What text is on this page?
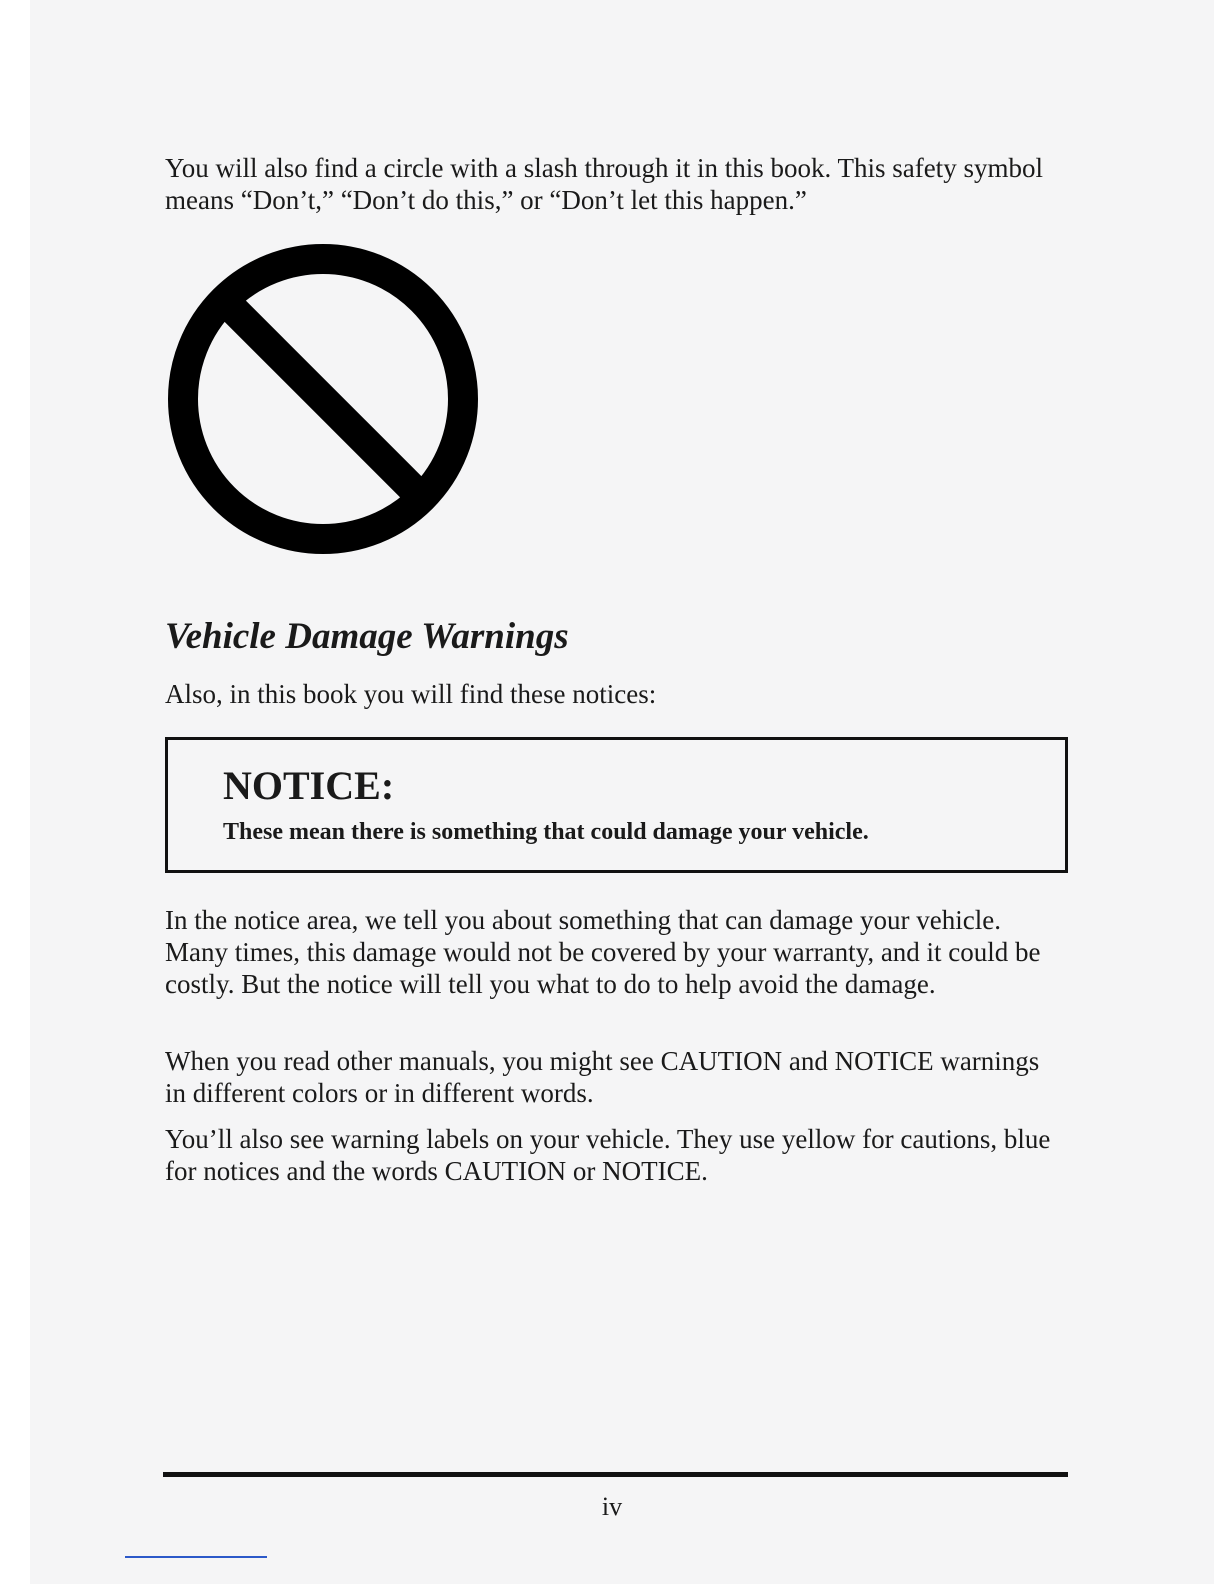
You will also find a circle with a slash through it in this book. This safety symbol means “Don’t,” “Don’t do this,” or “Don’t let this happen.”

Vehicle Damage Warnings

Also, in this book you will find these notices:

NOTICE:

These mean there is something that could damage your vehicle.

In the notice area, we tell you about something that can damage your vehicle. Many times, this damage would not be covered by your warranty, and it could be costly. But the notice will tell you what to do to help avoid the damage.

When you read other manuals, you might see CAUTION and NOTICE warnings in different colors or in different words.

You’ll also see warning labels on your vehicle. They use yellow for cautions, blue for notices and the words CAUTION or NOTICE.

iv
